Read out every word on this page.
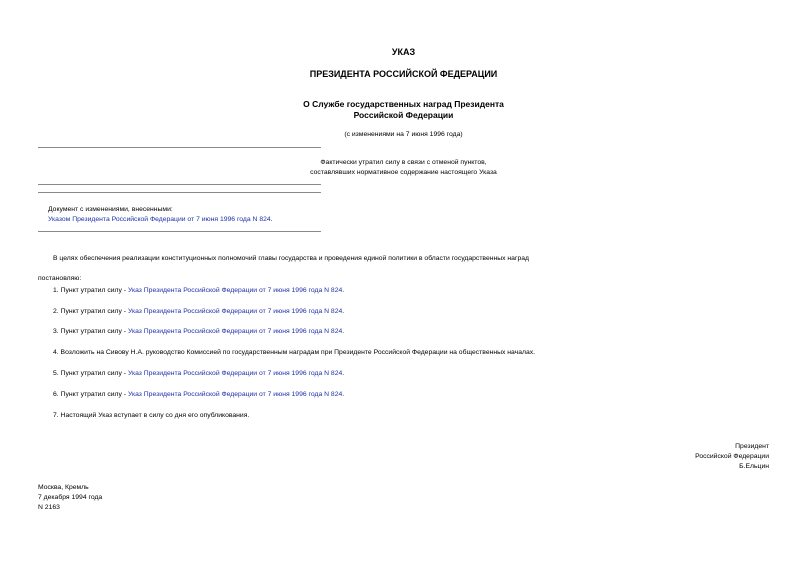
УКАЗ
ПРЕЗИДЕНТА РОССИЙСКОЙ ФЕДЕРАЦИИ
О Службе государственных наград Президента
Российской Федерации
(с изменениями на 7 июня 1996 года)
Фактически утратил силу в связи с отменой пунктов,
составлявших нормативное содержание настоящего Указа
Документ с изменениями, внесенными:
Указом Президента Российской Федерации от 7 июня 1996 года N 824.
В целях обеспечения реализации конституционных полномочий главы государства и проведения единой политики в области государственных наград
постановляю:
1. Пункт утратил силу - Указ Президента Российской Федерации от 7 июня 1996 года N 824.
2. Пункт утратил силу - Указ Президента Российской Федерации от 7 июня 1996 года N 824.
3. Пункт утратил силу - Указ Президента Российской Федерации от 7 июня 1996 года N 824.
4. Возложить на Сивову Н.А. руководство Комиссией по государственным наградам при Президенте Российской Федерации на общественных началах.
5. Пункт утратил силу - Указ Президента Российской Федерации от 7 июня 1996 года N 824.
6. Пункт утратил силу - Указ Президента Российской Федерации от 7 июня 1996 года N 824.
7. Настоящий Указ вступает в силу со дня его опубликования.
Президент
Российской Федерации
Б.Ельцин
Москва, Кремль
7 декабря 1994 года
N 2163
